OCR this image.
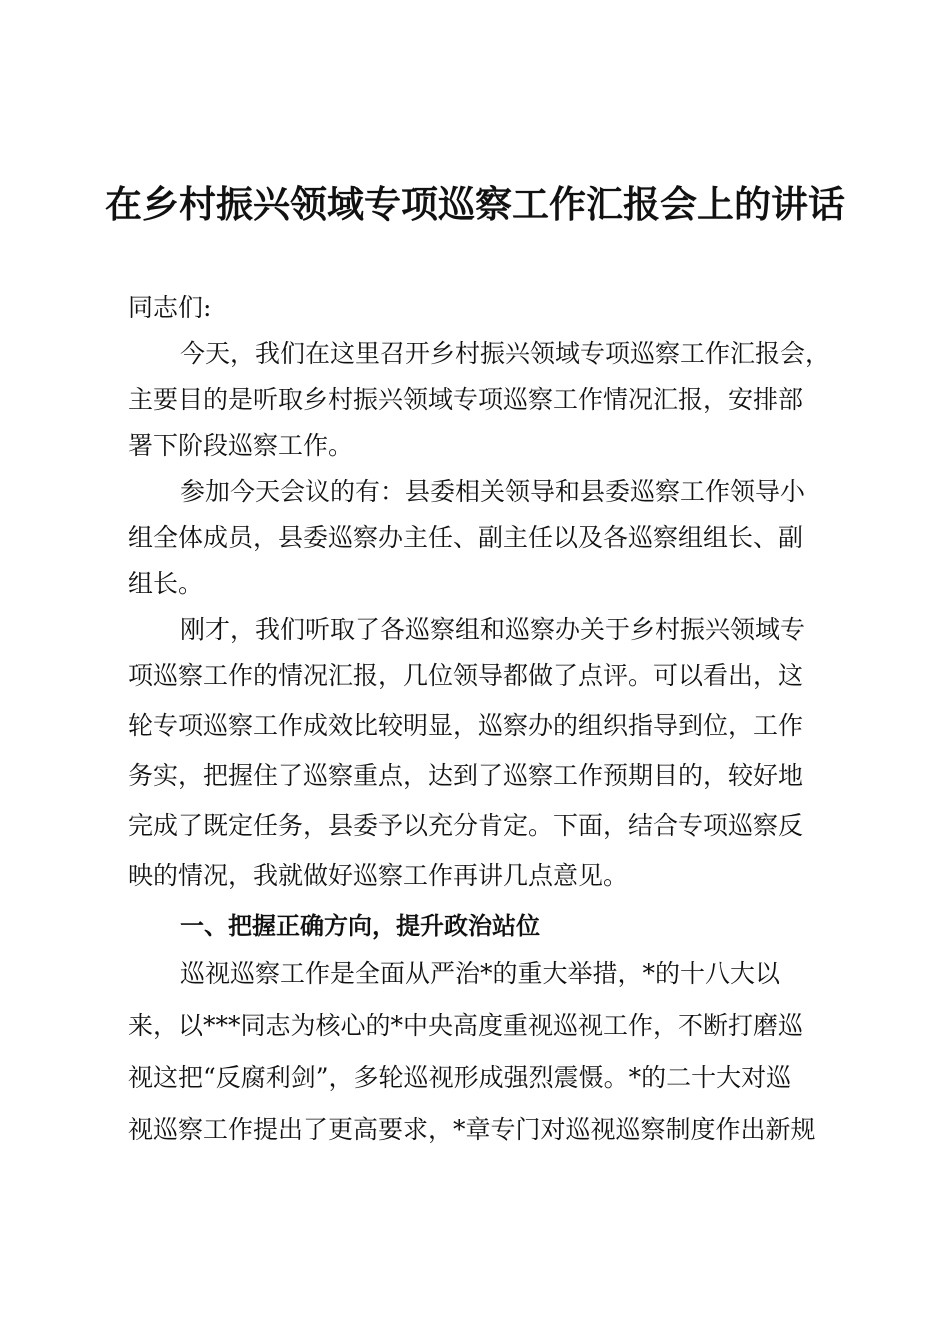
在乡村振兴领域专项巡察工作汇报会上的讲话
同志们:
今天，我们在这里召开乡村振兴领域专项巡察工作汇报会，
主要目的是听取乡村振兴领域专项巡察工作情况汇报，安排部
署下阶段巡察工作。
参加今天会议的有：县委相关领导和县委巡察工作领导小
组全体成员，县委巡察办主任、副主任以及各巡察组组长、副
组长。
刚才，我们听取了各巡察组和巡察办关于乡村振兴领域专
项巡察工作的情况汇报，几位领导都做了点评。可以看出，这
轮专项巡察工作成效比较明显，巡察办的组织指导到位，工作
务实，把握住了巡察重点，达到了巡察工作预期目的，较好地
完成了既定任务，县委予以充分肯定。下面，结合专项巡察反
映的情况，我就做好巡察工作再讲几点意见。
一、把握正确方向，提升政治站位
巡视巡察工作是全面从严治*的重大举措，*的十八大以
来，以***同志为核心的*中央高度重视巡视工作，不断打磨巡
视这把“反腐利剑”，多轮巡视形成强烈震慑。*的二十大对巡
视巡察工作提出了更高要求，*章专门对巡视巡察制度作出新规
